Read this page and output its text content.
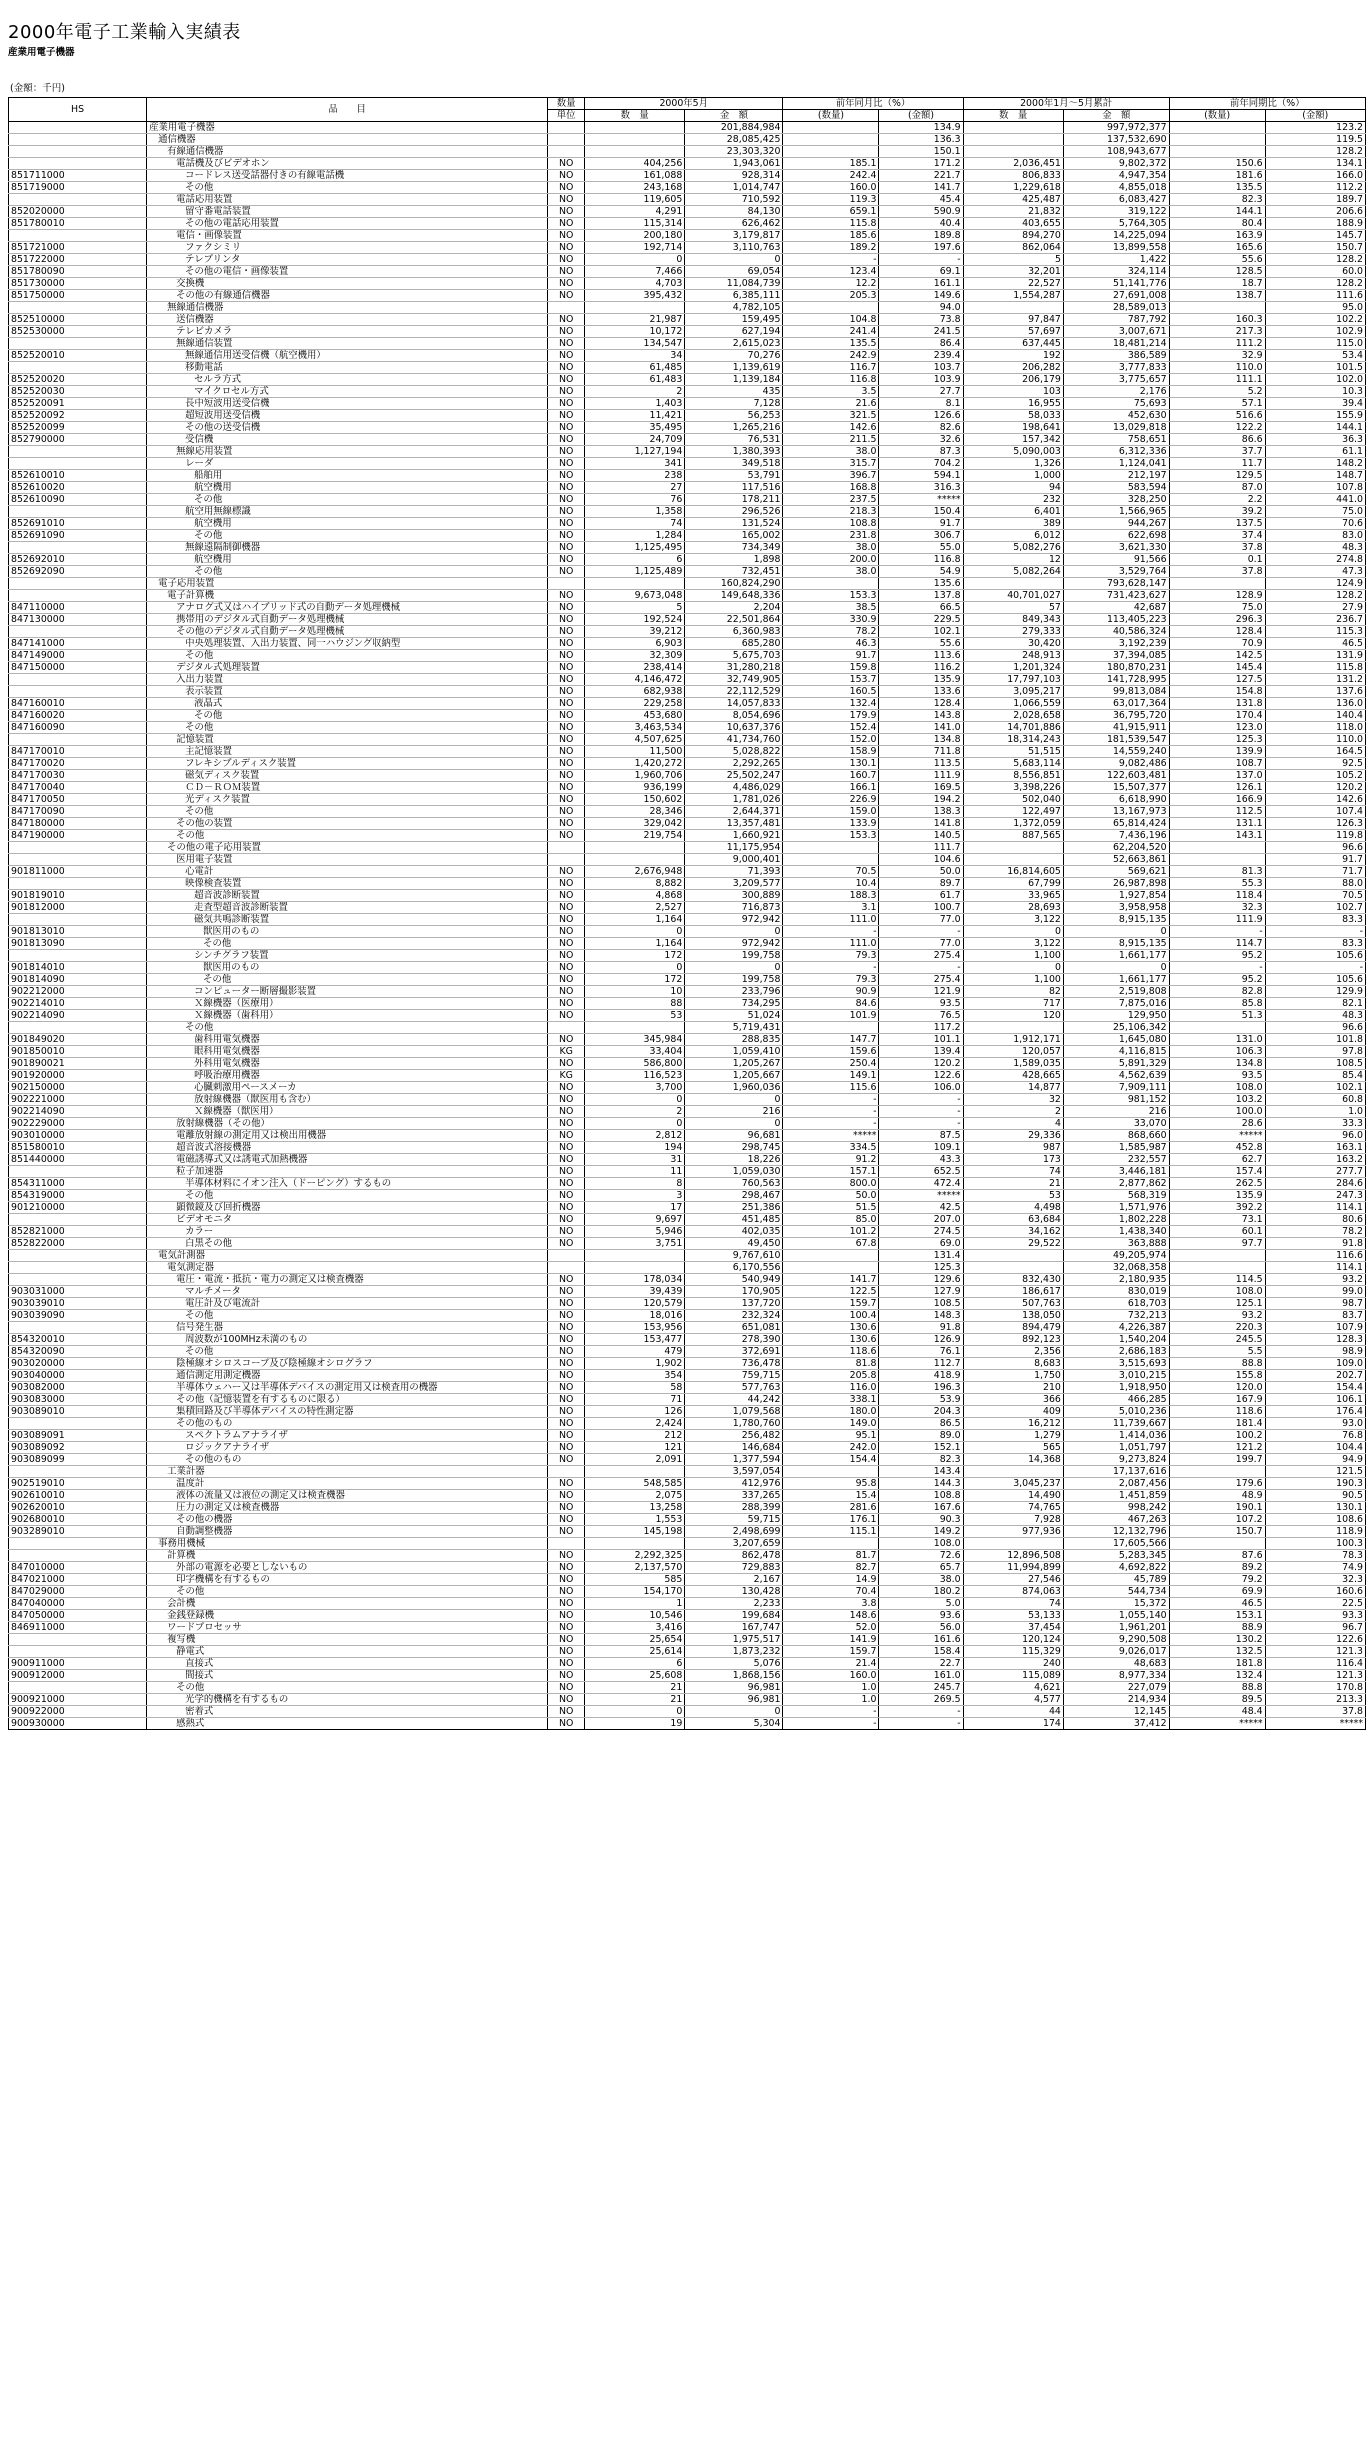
2000年電子工業輸入実績表
産業用電子機器
(金額：千円)
HS	品　　目	数量	2000年5月		前年同月比（%）		2000年1月～5月累計		前年同期比（%）	
		単位	数　量	金　額	(数量)	(金額)	数　量	金　額	(数量)	(金額)
	産業用電子機器			201,884,984		134.9		997,972,377		123.2
	通信機器			28,085,425		136.3		137,532,690		119.5
	有線通信機器			23,303,320		150.1		108,943,677		128.2
	電話機及びビデオホン	NO	404,256	1,943,061	185.1	171.2	2,036,451	9,802,372	150.6	134.1
851711000	コードレス送受話器付きの有線電話機	NO	161,088	928,314	242.4	221.7	806,833	4,947,354	181.6	166.0
851719000	その他	NO	243,168	1,014,747	160.0	141.7	1,229,618	4,855,018	135.5	112.2
	電話応用装置	NO	119,605	710,592	119.3	45.4	425,487	6,083,427	82.3	189.7
852020000	留守番電話装置	NO	4,291	84,130	659.1	590.9	21,832	319,122	144.1	206.6
851780010	その他の電話応用装置	NO	115,314	626,462	115.8	40.4	403,655	5,764,305	80.4	188.9
	電信・画像装置	NO	200,180	3,179,817	185.6	189.8	894,270	14,225,094	163.9	145.7
851721000	ファクシミリ	NO	192,714	3,110,763	189.2	197.6	862,064	13,899,558	165.6	150.7
851722000	テレプリンタ	NO	0	0	-	-	5	1,422	55.6	128.2
851780090	その他の電信・画像装置	NO	7,466	69,054	123.4	69.1	32,201	324,114	128.5	60.0
851730000	交換機	NO	4,703	11,084,739	12.2	161.1	22,527	51,141,776	18.7	128.2
851750000	その他の有線通信機器	NO	395,432	6,385,111	205.3	149.6	1,554,287	27,691,008	138.7	111.6
	無線通信機器			4,782,105		94.0		28,589,013		95.0
852510000	送信機器	NO	21,987	159,495	104.8	73.8	97,847	787,792	160.3	102.2
852530000	テレビカメラ	NO	10,172	627,194	241.4	241.5	57,697	3,007,671	217.3	102.9
	無線通信装置	NO	134,547	2,615,023	135.5	86.4	637,445	18,481,214	111.2	115.0
852520010	無線通信用送受信機（航空機用）	NO	34	70,276	242.9	239.4	192	386,589	32.9	53.4
	移動電話	NO	61,485	1,139,619	116.7	103.7	206,282	3,777,833	110.0	101.5
852520020	セルラ方式	NO	61,483	1,139,184	116.8	103.9	206,179	3,775,657	111.1	102.0
852520030	マイクロセル方式	NO	2	435	3.5	27.7	103	2,176	5.2	10.3
852520091	長中短波用送受信機	NO	1,403	7,128	21.6	8.1	16,955	75,693	57.1	39.4
852520092	超短波用送受信機	NO	11,421	56,253	321.5	126.6	58,033	452,630	516.6	155.9
852520099	その他の送受信機	NO	35,495	1,265,216	142.6	82.6	198,641	13,029,818	122.2	144.1
852790000	受信機	NO	24,709	76,531	211.5	32.6	157,342	758,651	86.6	36.3
	無線応用装置	NO	1,127,194	1,380,393	38.0	87.3	5,090,003	6,312,336	37.7	61.1
	レーダ	NO	341	349,518	315.7	704.2	1,326	1,124,041	11.7	148.2
852610010	船舶用	NO	238	53,791	396.7	594.1	1,000	212,197	129.5	148.7
852610020	航空機用	NO	27	117,516	168.8	316.3	94	583,594	87.0	107.8
852610090	その他	NO	76	178,211	237.5	*****	232	328,250	2.2	441.0
	航空用無線標識	NO	1,358	296,526	218.3	150.4	6,401	1,566,965	39.2	75.0
852691010	航空機用	NO	74	131,524	108.8	91.7	389	944,267	137.5	70.6
852691090	その他	NO	1,284	165,002	231.8	306.7	6,012	622,698	37.4	83.0
	無線遠隔制御機器	NO	1,125,495	734,349	38.0	55.0	5,082,276	3,621,330	37.8	48.3
852692010	航空機用	NO	6	1,898	200.0	116.8	12	91,566	0.1	274.8
852692090	その他	NO	1,125,489	732,451	38.0	54.9	5,082,264	3,529,764	37.8	47.3
	電子応用装置			160,824,290		135.6		793,628,147		124.9
	電子計算機	NO	9,673,048	149,648,336	153.3	137.8	40,701,027	731,423,627	128.9	128.2
847110000	アナログ式又はハイブリッド式の自動データ処理機械	NO	5	2,204	38.5	66.5	57	42,687	75.0	27.9
847130000	携帯用のデジタル式自動データ処理機械	NO	192,524	22,501,864	330.9	229.5	849,343	113,405,223	296.3	236.7
	その他のデジタル式自動データ処理機械	NO	39,212	6,360,983	78.2	102.1	279,333	40,586,324	128.4	115.3
847141000	中央処理装置、入出力装置、同一ハウジング収納型	NO	6,903	685,280	46.3	55.6	30,420	3,192,239	70.9	46.5
847149000	その他	NO	32,309	5,675,703	91.7	113.6	248,913	37,394,085	142.5	131.9
847150000	デジタル式処理装置	NO	238,414	31,280,218	159.8	116.2	1,201,324	180,870,231	145.4	115.8
	入出力装置	NO	4,146,472	32,749,905	153.7	135.9	17,797,103	141,728,995	127.5	131.2
	表示装置	NO	682,938	22,112,529	160.5	133.6	3,095,217	99,813,084	154.8	137.6
847160010	液晶式	NO	229,258	14,057,833	132.4	128.4	1,066,559	63,017,364	131.8	136.0
847160020	その他	NO	453,680	8,054,696	179.9	143.8	2,028,658	36,795,720	170.4	140.4
847160090	その他	NO	3,463,534	10,637,376	152.4	141.0	14,701,886	41,915,911	123.0	118.0
	記憶装置	NO	4,507,625	41,734,760	152.0	134.8	18,314,243	181,539,547	125.3	110.0
847170010	主記憶装置	NO	11,500	5,028,822	158.9	711.8	51,515	14,559,240	139.9	164.5
847170020	フレキシブルディスク装置	NO	1,420,272	2,292,265	130.1	113.5	5,683,114	9,082,486	108.7	92.5
847170030	磁気ディスク装置	NO	1,960,706	25,502,247	160.7	111.9	8,556,851	122,603,481	137.0	105.2
847170040	ＣＤ－ＲＯＭ装置	NO	936,199	4,486,029	166.1	169.5	3,398,226	15,507,377	126.1	120.2
847170050	光ディスク装置	NO	150,602	1,781,026	226.9	194.2	502,040	6,618,990	166.9	142.6
847170090	その他	NO	28,346	2,644,371	159.0	138.3	122,497	13,167,973	112.5	107.4
847180000	その他の装置	NO	329,042	13,357,481	133.9	141.8	1,372,059	65,814,424	131.1	126.3
847190000	その他	NO	219,754	1,660,921	153.3	140.5	887,565	7,436,196	143.1	119.8
	その他の電子応用装置			11,175,954		111.7		62,204,520		96.6
	医用電子装置			9,000,401		104.6		52,663,861		91.7
901811000	心電計	NO	2,676,948	71,393	70.5	50.0	16,814,605	569,621	81.3	71.7
	映像検査装置	NO	8,882	3,209,577	10.4	89.7	67,799	26,987,898	55.3	88.0
901819010	超音波診断装置	NO	4,868	300,889	188.3	61.7	33,965	1,927,854	118.4	70.5
901812000	走査型超音波診断装置	NO	2,527	716,873	3.1	100.7	28,693	3,958,958	32.3	102.7
	磁気共鳴診断装置	NO	1,164	972,942	111.0	77.0	3,122	8,915,135	111.9	83.3
901813010	獣医用のもの	NO	0	0	-	-	0	0	-	-
901813090	その他	NO	1,164	972,942	111.0	77.0	3,122	8,915,135	114.7	83.3
	シンチグラフ装置	NO	172	199,758	79.3	275.4	1,100	1,661,177	95.2	105.6
901814010	獣医用のもの	NO	0	0	-	-	0	0	-	-
901814090	その他	NO	172	199,758	79.3	275.4	1,100	1,661,177	95.2	105.6
902212000	コンピューター断層撮影装置	NO	10	233,796	90.9	121.9	82	2,519,808	82.8	129.9
902214010	Ｘ線機器（医療用）	NO	88	734,295	84.6	93.5	717	7,875,016	85.8	82.1
902214090	Ｘ線機器（歯科用）	NO	53	51,024	101.9	76.5	120	129,950	51.3	48.3
	その他			5,719,431		117.2		25,106,342		96.6
901849020	歯科用電気機器	NO	345,984	288,835	147.7	101.1	1,912,171	1,645,080	131.0	101.8
901850010	眼科用電気機器	KG	33,404	1,059,410	159.6	139.4	120,057	4,116,815	106.3	97.8
901890021	外科用電気機器	NO	586,800	1,205,267	250.4	120.2	1,589,035	5,891,329	134.8	108.5
901920000	呼吸治療用機器	KG	116,523	1,205,667	149.1	122.6	428,665	4,562,639	93.5	85.4
902150000	心臓刺激用ペースメーカ	NO	3,700	1,960,036	115.6	106.0	14,877	7,909,111	108.0	102.1
902221000	放射線機器（獣医用も含む）	NO	0	0	-	-	32	981,152	103.2	60.8
902214090	Ｘ線機器（獣医用）	NO	2	216	-	-	2	216	100.0	1.0
902229000	放射線機器（その他）	NO	0	0	-	-	4	33,070	28.6	33.3
903010000	電離放射線の測定用又は検出用機器	NO	2,812	96,681	*****	87.5	29,336	868,660	*****	96.0
851580010	超音波式溶接機器	NO	194	298,745	334.5	109.1	987	1,585,987	452.8	163.1
851440000	電磁誘導式又は誘電式加熱機器	NO	31	18,226	91.2	43.3	173	232,557	62.7	163.2
	粒子加速器	NO	11	1,059,030	157.1	652.5	74	3,446,181	157.4	277.7
854311000	半導体材料にイオン注入（ドーピング）するもの	NO	8	760,563	800.0	472.4	21	2,877,862	262.5	284.6
854319000	その他	NO	3	298,467	50.0	*****	53	568,319	135.9	247.3
901210000	顕微鏡及び回折機器	NO	17	251,386	51.5	42.5	4,498	1,571,976	392.2	114.1
	ビデオモニタ	NO	9,697	451,485	85.0	207.0	63,684	1,802,228	73.1	80.6
852821000	カラー	NO	5,946	402,035	101.2	274.5	34,162	1,438,340	60.1	78.2
852822000	白黒その他	NO	3,751	49,450	67.8	69.0	29,522	363,888	97.7	91.8
	電気計測器			9,767,610		131.4		49,205,974		116.6
	電気測定器			6,170,556		125.3		32,068,358		114.1
	電圧・電流・抵抗・電力の測定又は検査機器	NO	178,034	540,949	141.7	129.6	832,430	2,180,935	114.5	93.2
903031000	マルチメータ	NO	39,439	170,905	122.5	127.9	186,617	830,019	108.0	99.0
903039010	電圧計及び電流計	NO	120,579	137,720	159.7	108.5	507,763	618,703	125.1	98.7
903039090	その他	NO	18,016	232,324	100.4	148.3	138,050	732,213	93.2	83.7
	信号発生器	NO	153,956	651,081	130.6	91.8	894,479	4,226,387	220.3	107.9
854320010	周波数が100MHz未満のもの	NO	153,477	278,390	130.6	126.9	892,123	1,540,204	245.5	128.3
854320090	その他	NO	479	372,691	118.6	76.1	2,356	2,686,183	5.5	98.9
903020000	陰極線オシロスコープ及び陰極線オシログラフ	NO	1,902	736,478	81.8	112.7	8,683	3,515,693	88.8	109.0
903040000	通信測定用測定機器	NO	354	759,715	205.8	418.9	1,750	3,010,215	155.8	202.7
903082000	半導体ウェハー又は半導体デバイスの測定用又は検査用の機器	NO	58	577,763	116.0	196.3	210	1,918,950	120.0	154.4
903083000	その他（記憶装置を有するものに限る）	NO	71	44,242	338.1	53.9	366	466,285	167.9	106.1
903089010	集積回路及び半導体デバイスの特性測定器	NO	126	1,079,568	180.0	204.3	409	5,010,236	118.6	176.4
	その他のもの	NO	2,424	1,780,760	149.0	86.5	16,212	11,739,667	181.4	93.0
903089091	スペクトラムアナライザ	NO	212	256,482	95.1	89.0	1,279	1,414,036	100.2	76.8
903089092	ロジックアナライザ	NO	121	146,684	242.0	152.1	565	1,051,797	121.2	104.4
903089099	その他のもの	NO	2,091	1,377,594	154.4	82.3	14,368	9,273,824	199.7	94.9
	工業計器			3,597,054		143.4		17,137,616		121.5
902519010	温度計	NO	548,585	412,976	95.8	144.3	3,045,237	2,087,456	179.6	190.3
902610010	液体の流量又は液位の測定又は検査機器	NO	2,075	337,265	15.4	108.8	14,490	1,451,859	48.9	90.5
902620010	圧力の測定又は検査機器	NO	13,258	288,399	281.6	167.6	74,765	998,242	190.1	130.1
902680010	その他の機器	NO	1,553	59,715	176.1	90.3	7,928	467,263	107.2	108.6
903289010	自動調整機器	NO	145,198	2,498,699	115.1	149.2	977,936	12,132,796	150.7	118.9
	事務用機械			3,207,659		108.0		17,605,566		100.3
	計算機	NO	2,292,325	862,478	81.7	72.6	12,896,508	5,283,345	87.6	78.3
847010000	外部の電源を必要としないもの	NO	2,137,570	729,883	82.7	65.7	11,994,899	4,692,822	89.2	74.9
847021000	印字機構を有するもの	NO	585	2,167	14.9	38.0	27,546	45,789	79.2	32.3
847029000	その他	NO	154,170	130,428	70.4	180.2	874,063	544,734	69.9	160.6
847040000	会計機	NO	1	2,233	3.8	5.0	74	15,372	46.5	22.5
847050000	金銭登録機	NO	10,546	199,684	148.6	93.6	53,133	1,055,140	153.1	93.3
846911000	ワードプロセッサ	NO	3,416	167,747	52.0	56.0	37,454	1,961,201	88.9	96.7
	複写機	NO	25,654	1,975,517	141.9	161.6	120,124	9,290,508	130.2	122.6
	静電式	NO	25,614	1,873,232	159.7	158.4	115,329	9,026,017	132.5	121.3
900911000	直接式	NO	6	5,076	21.4	22.7	240	48,683	181.8	116.4
900912000	間接式	NO	25,608	1,868,156	160.0	161.0	115,089	8,977,334	132.4	121.3
	その他	NO	21	96,981	1.0	245.7	4,621	227,079	88.8	170.8
900921000	光学的機構を有するもの	NO	21	96,981	1.0	269.5	4,577	214,934	89.5	213.3
900922000	密着式	NO	0	0	-	-	44	12,145	48.4	37.8
900930000	感熱式	NO	19	5,304	-	-	174	37,412	*****	*****
